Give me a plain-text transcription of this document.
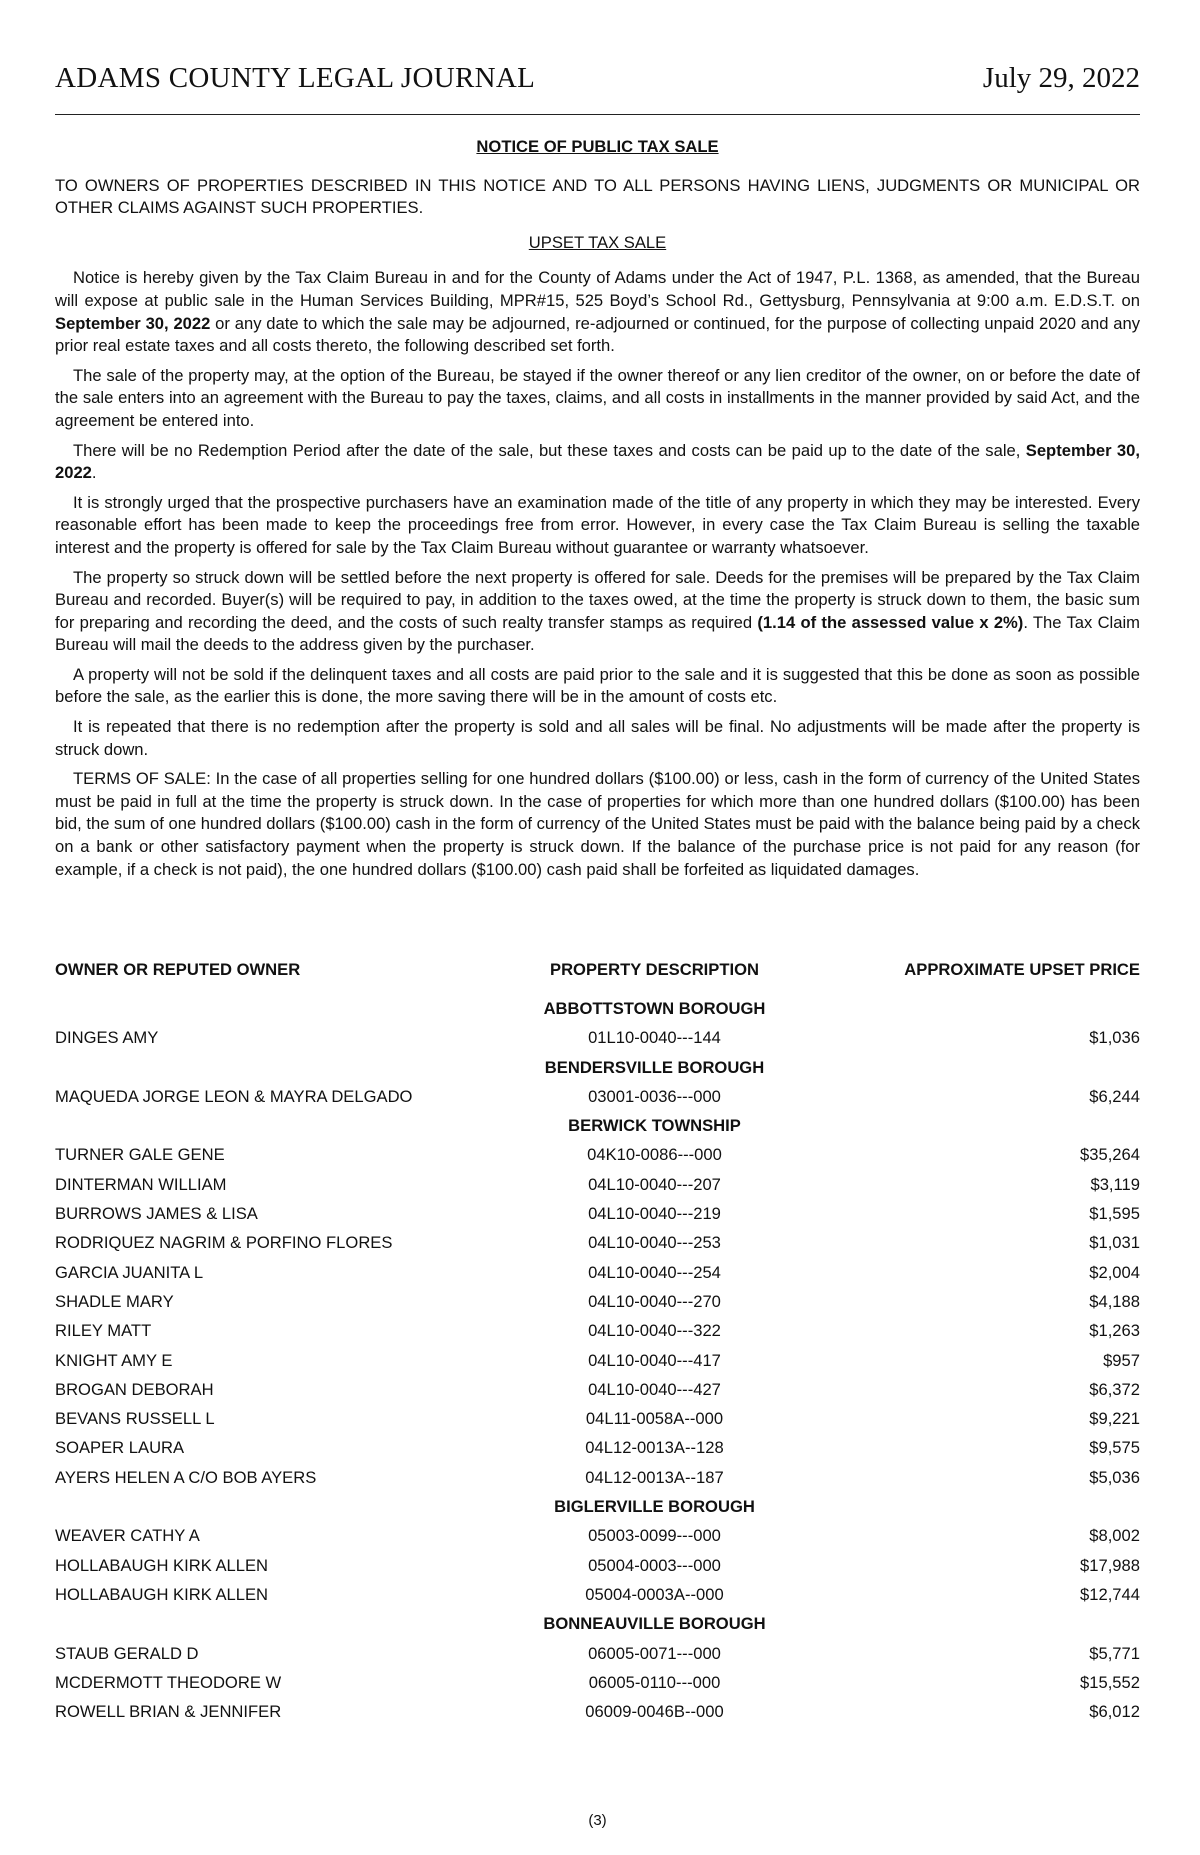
ADAMS COUNTY LEGAL JOURNAL	July 29, 2022
NOTICE OF PUBLIC TAX SALE
TO OWNERS OF PROPERTIES DESCRIBED IN THIS NOTICE AND TO ALL PERSONS HAVING LIENS, JUDGMENTS OR MUNICIPAL OR OTHER CLAIMS AGAINST SUCH PROPERTIES.
UPSET TAX SALE

Notice is hereby given by the Tax Claim Bureau in and for the County of Adams under the Act of 1947, P.L. 1368, as amended, that the Bureau will expose at public sale in the Human Services Building, MPR#15, 525 Boyd’s School Rd., Gettysburg, Pennsylvania at 9:00 a.m. E.D.S.T. on September 30, 2022 or any date to which the sale may be adjourned, re-adjourned or continued, for the purpose of collecting unpaid 2020 and any prior real estate taxes and all costs thereto, the following described set forth.

The sale of the property may, at the option of the Bureau, be stayed if the owner thereof or any lien creditor of the owner, on or before the date of the sale enters into an agreement with the Bureau to pay the taxes, claims, and all costs in installments in the manner provided by said Act, and the agreement be entered into.

There will be no Redemption Period after the date of the sale, but these taxes and costs can be paid up to the date of the sale, September 30, 2022.

It is strongly urged that the prospective purchasers have an examination made of the title of any property in which they may be interested. Every reasonable effort has been made to keep the proceedings free from error. However, in every case the Tax Claim Bureau is selling the taxable interest and the property is offered for sale by the Tax Claim Bureau without guarantee or warranty whatsoever.

The property so struck down will be settled before the next property is offered for sale. Deeds for the premises will be prepared by the Tax Claim Bureau and recorded. Buyer(s) will be required to pay, in addition to the taxes owed, at the time the property is struck down to them, the basic sum for preparing and recording the deed, and the costs of such realty transfer stamps as required (1.14 of the assessed value x 2%). The Tax Claim Bureau will mail the deeds to the address given by the purchaser.

A property will not be sold if the delinquent taxes and all costs are paid prior to the sale and it is suggested that this be done as soon as possible before the sale, as the earlier this is done, the more saving there will be in the amount of costs etc.

It is repeated that there is no redemption after the property is sold and all sales will be final. No adjustments will be made after the property is struck down.

TERMS OF SALE: In the case of all properties selling for one hundred dollars ($100.00) or less, cash in the form of currency of the United States must be paid in full at the time the property is struck down. In the case of properties for which more than one hundred dollars ($100.00) has been bid, the sum of one hundred dollars ($100.00) cash in the form of currency of the United States must be paid with the balance being paid by a check on a bank or other satisfactory payment when the property is struck down. If the balance of the purchase price is not paid for any reason (for example, if a check is not paid), the one hundred dollars ($100.00) cash paid shall be forfeited as liquidated damages.

OWNER OR REPUTED OWNER	PROPERTY DESCRIPTION	APPROXIMATE UPSET PRICE
ABBOTTSTOWN BOROUGH
DINGES AMY	01L10-0040---144	$1,036
BENDERSVILLE BOROUGH
MAQUEDA JORGE LEON & MAYRA DELGADO	03001-0036---000	$6,244
BERWICK TOWNSHIP
TURNER GALE GENE	04K10-0086---000	$35,264
DINTERMAN WILLIAM	04L10-0040---207	$3,119
BURROWS JAMES & LISA	04L10-0040---219	$1,595
RODRIQUEZ NAGRIM & PORFINO FLORES	04L10-0040---253	$1,031
GARCIA JUANITA L	04L10-0040---254	$2,004
SHADLE MARY	04L10-0040---270	$4,188
RILEY MATT	04L10-0040---322	$1,263
KNIGHT AMY E	04L10-0040---417	$957
BROGAN DEBORAH	04L10-0040---427	$6,372
BEVANS RUSSELL L	04L11-0058A--000	$9,221
SOAPER LAURA	04L12-0013A--128	$9,575
AYERS HELEN A C/O BOB AYERS	04L12-0013A--187	$5,036
BIGLERVILLE BOROUGH
WEAVER CATHY A	05003-0099---000	$8,002
HOLLABAUGH KIRK ALLEN	05004-0003---000	$17,988
HOLLABAUGH KIRK ALLEN	05004-0003A--000	$12,744
BONNEAUVILLE BOROUGH
STAUB GERALD D	06005-0071---000	$5,771
MCDERMOTT THEODORE W	06005-0110---000	$15,552
ROWELL BRIAN & JENNIFER	06009-0046B--000	$6,012
(3)
